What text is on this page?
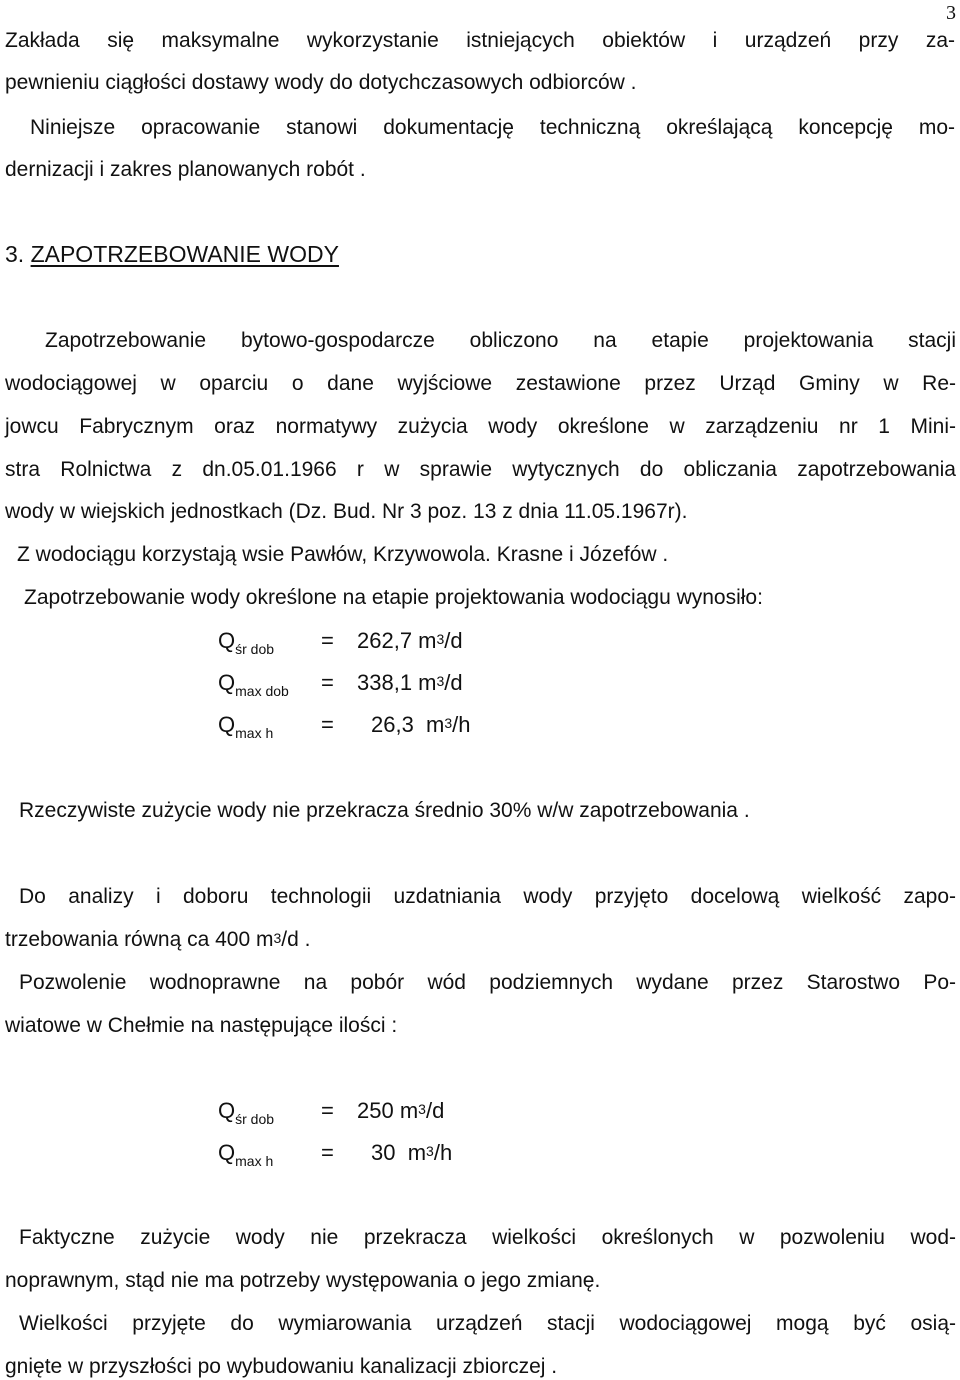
3
Zakłada się maksymalne wykorzystanie istniejących obiektów i urządzeń przy za-
pewnieniu ciągłości dostawy wody do dotychczasowych odbiorców .
Niniejsze opracowanie stanowi dokumentację techniczną określającą koncepcję mo-
dernizacji i zakres planowanych robót .
3. ZAPOTRZEBOWANIE WODY
Zapotrzebowanie bytowo-gospodarcze obliczono na etapie projektowania stacji
wodociągowej w oparciu o dane wyjściowe zestawione przez Urząd Gminy w Re-
jowcu Fabrycznym oraz normatywy zużycia wody określone w zarządzeniu nr 1 Mini-
stra Rolnictwa z dn.05.01.1966 r w sprawie wytycznych do obliczania zapotrzebowania
wody w wiejskich jednostkach (Dz. Bud. Nr 3 poz. 13 z dnia 11.05.1967r).
Z wodociągu korzystają wsie Pawłów, Krzywowola. Krasne i Józefów .
Zapotrzebowanie wody określone na etapie projektowania wodociągu wynosiło:
$Q_{śr dob} = 262,7$ $m^3/d$
$Q_{max dob} = 338,1$ $m^3/d$
$Q_{max h} = 26,3$  $m^3/h$
Rzeczywiste zużycie wody nie przekracza średnio 30% w/w zapotrzebowania .
Do analizy i doboru technologii uzdatniania wody przyjęto docelową wielkość zapo-
trzebowania równą ca 400 $m^3/d$ .
Pozwolenie wodnoprawne na pobór wód podziemnych wydane przez Starostwo Po-
wiatowe w Chełmie na następujące ilości :
$Q_{śr dob} = 250$ $m^3/d$
$Q_{max h} = 30$  $m^3/h$
Faktyczne zużycie wody nie przekracza wielkości określonych w pozwoleniu wod-
noprawnym, stąd nie ma potrzeby występowania o jego zmianę.
Wielkości przyjęte do wymiarowania urządzeń stacji wodociągowej mogą być osią-
gnięte w przyszłości po wybudowaniu kanalizacji zbiorczej .
